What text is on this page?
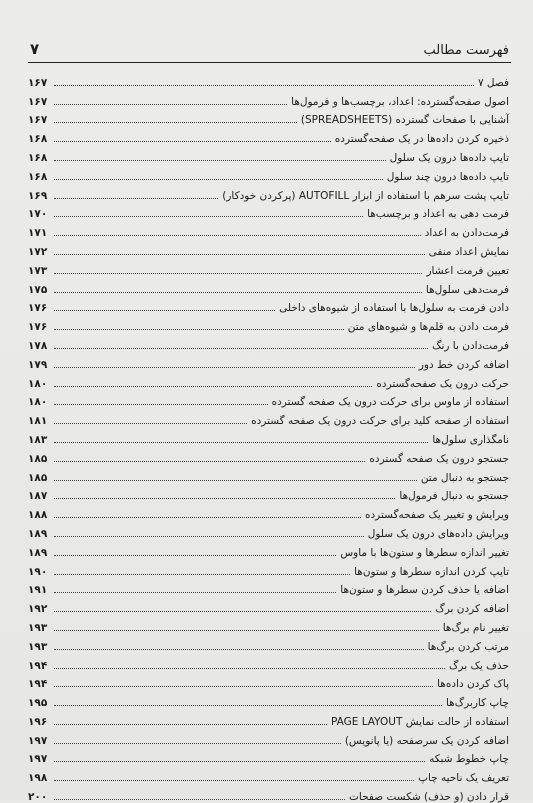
۷	فهرست مطالب
فصل ۷
۱۶۷
اصول صفحه‌گسترده: اعداد، برچسب‌ها و فرمول‌ها
۱۶۷
آشنایی با صفحات گسترده (SPREADSHEETS)
۱۶۷
ذخیره کردن داده‌ها در یک صفحه‌گسترده
۱۶۸
تایپ داده‌ها درون یک سلول
۱۶۸
تایپ داده‌ها درون چند سلول
۱۶۸
تایپ پشت سرهم با استفاده از ابزار AUTOFILL (پرکردن خودکار)
۱۶۹
فرمت دهی به اعداد و برچسب‌ها
۱۷۰
فرمت‌دادن به اعداد
۱۷۱
نمایش اعداد منفی
۱۷۲
تعیین فرمت اعشار
۱۷۳
فرمت‌دهی سلول‌ها
۱۷۵
دادن فرمت به سلول‌ها با استفاده از شیوه‌های داخلی
۱۷۶
فرمت دادن به قلم‌ها و شیوه‌های متن
۱۷۶
فرمت‌دادن با رنگ
۱۷۸
اضافه کردن خط دور
۱۷۹
حرکت درون یک صفحه‌گسترده
۱۸۰
استفاده از ماوس برای حرکت درون یک صفحه گسترده
۱۸۰
استفاده از صفحه کلید برای حرکت درون یک صفحه گسترده
۱۸۱
نامگذاری سلول‌ها
۱۸۳
جستجو درون یک صفحه گسترده
۱۸۵
جستجو به دنبال متن
۱۸۵
جستجو به دنبال فرمول‌ها
۱۸۷
ویرایش و تغییر یک صفحه‌گسترده
۱۸۸
ویرایش داده‌های درون یک سلول
۱۸۹
تغییر اندازه سطرها و ستون‌ها با ماوس
۱۸۹
تایپ کردن اندازه سطرها و ستون‌ها
۱۹۰
اضافه یا حذف کردن سطرها و ستون‌ها
۱۹۱
اضافه کردن برگ
۱۹۲
تغییر نام برگ‌ها
۱۹۳
مرتب کردن برگ‌ها
۱۹۳
حذف یک برگ
۱۹۴
پاک کردن داده‌ها
۱۹۴
چاپ کاربرگ‌ها
۱۹۵
استفاده از حالت نمایش PAGE LAYOUT
۱۹۶
اضافه کردن یک سرصفحه (یا پانویس)
۱۹۷
چاپ خطوط شبکه
۱۹۷
تعریف یک ناحیه چاپ
۱۹۸
قرار دادن (و حذف) شکست صفحات
۲۰۰
